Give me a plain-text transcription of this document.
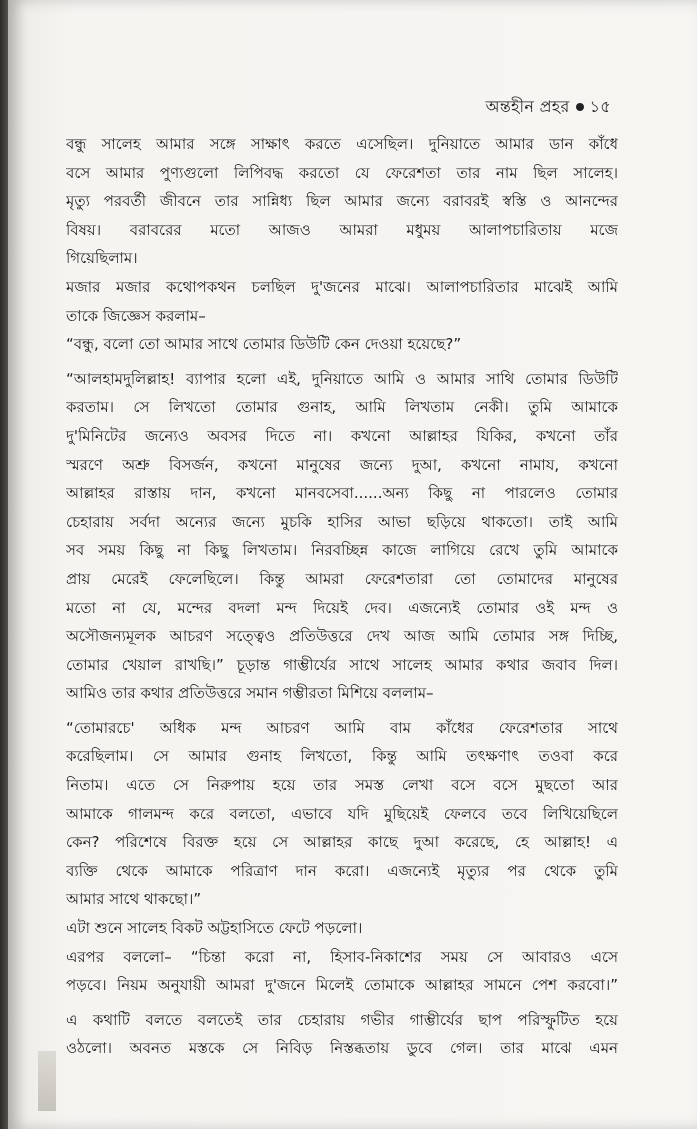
অন্তহীন প্রহর ১৫
বন্ধু সালেহ আমার সঙ্গে সাক্ষাৎ করতে এসেছিল। দুনিয়াতে আমার ডান কাঁধে
বসে আমার পুণ্যগুলো লিপিবদ্ধ করতো যে ফেরেশতা তার নাম ছিল সালেহ।
মৃত্যু পরবর্তী জীবনে তার সান্নিধ্য ছিল আমার জন্যে বরাবরই স্বস্তি ও আনন্দের
বিষয়। বরাবরের মতো আজও আমরা মধুময় আলাপচারিতায় মজে
গিয়েছিলাম।
মজার মজার কথোপকথন চলছিল দু'জনের মাঝে। আলাপচারিতার মাঝেই আমি
তাকে জিজ্ঞেস করলাম–
“বন্ধু, বলো তো আমার সাথে তোমার ডিউটি কেন দেওয়া হয়েছে?”
“আলহামদুলিল্লাহ! ব্যাপার হলো এই, দুনিয়াতে আমি ও আমার সাথি তোমার ডিউটি
করতাম। সে লিখতো তোমার গুনাহ, আমি লিখতাম নেকী। তুমি আমাকে
দু'মিনিটের জন্যেও অবসর দিতে না। কখনো আল্লাহর যিকির, কখনো তাঁর
স্মরণে অশ্রু বিসর্জন, কখনো মানুষের জন্যে দুআ, কখনো নামায, কখনো
আল্লাহর রাস্তায় দান, কখনো মানবসেবা......অন্য কিছু না পারলেও তোমার
চেহারায় সর্বদা অন্যের জন্যে মুচকি হাসির আভা ছড়িয়ে থাকতো। তাই আমি
সব সময় কিছু না কিছু লিখতাম। নিরবচ্ছিন্ন কাজে লাগিয়ে রেখে তুমি আমাকে
প্রায় মেরেই ফেলেছিলে। কিন্তু আমরা ফেরেশতারা তো তোমাদের মানুষের
মতো না যে, মন্দের বদলা মন্দ দিয়েই দেব। এজন্যেই তোমার ওই মন্দ ও
অসৌজন্যমূলক আচরণ সত্ত্বেও প্রতিউত্তরে দেখ আজ আমি তোমার সঙ্গ দিচ্ছি,
তোমার খেয়াল রাখছি।” চূড়ান্ত গাম্ভীর্যের সাথে সালেহ আমার কথার জবাব দিল।
আমিও তার কথার প্রতিউত্তরে সমান গম্ভীরতা মিশিয়ে বললাম–
“তোমারচে' অধিক মন্দ আচরণ আমি বাম কাঁধের ফেরেশতার সাথে
করেছিলাম। সে আমার গুনাহ লিখতো, কিন্তু আমি তৎক্ষণাৎ তওবা করে
নিতাম। এতে সে নিরুপায় হয়ে তার সমস্ত লেখা বসে বসে মুছতো আর
আমাকে গালমন্দ করে বলতো, এভাবে যদি মুছিয়েই ফেলবে তবে লিখিয়েছিলে
কেন? পরিশেষে বিরক্ত হয়ে সে আল্লাহর কাছে দুআ করেছে, হে আল্লাহ! এ
ব্যক্তি থেকে আমাকে পরিত্রাণ দান করো। এজন্যেই মৃত্যুর পর থেকে তুমি
আমার সাথে থাকছো।”
এটা শুনে সালেহ বিকট অট্টহাসিতে ফেটে পড়লো।
এরপর বললো– “চিন্তা করো না, হিসাব-নিকাশের সময় সে আবারও এসে
পড়বে। নিয়ম অনুযায়ী আমরা দু'জনে মিলেই তোমাকে আল্লাহর সামনে পেশ করবো।”
এ কথাটি বলতে বলতেই তার চেহারায় গভীর গাম্ভীর্যের ছাপ পরিস্ফুটিত হয়ে
ওঠলো। অবনত মস্তকে সে নিবিড় নিস্তব্ধতায় ডুবে গেল। তার মাঝে এমন
